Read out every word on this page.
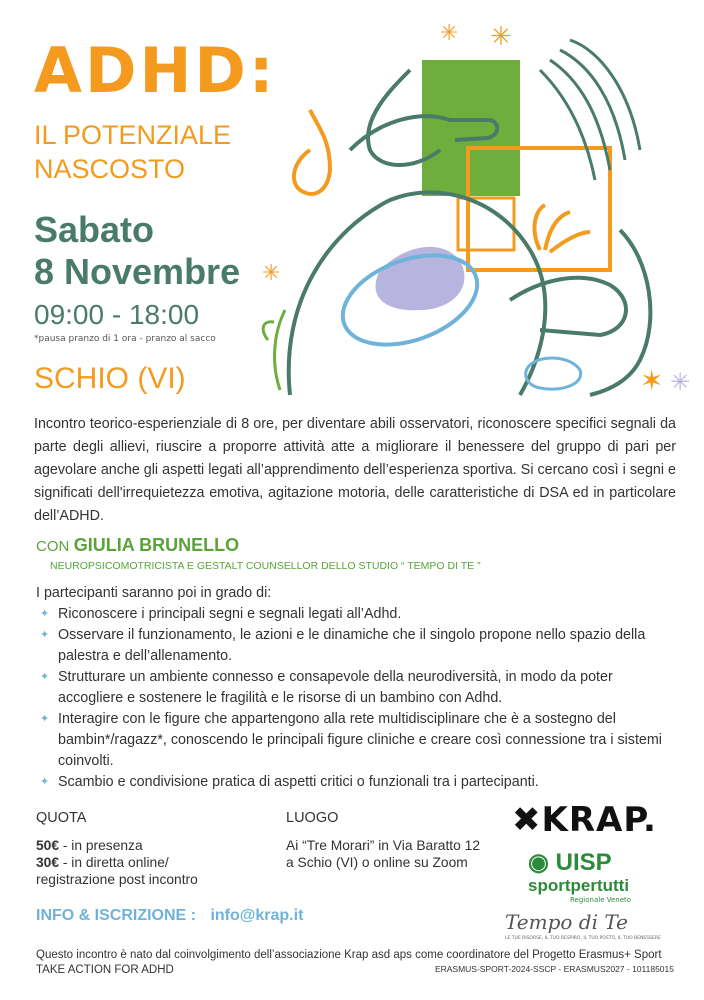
✳ ✳
✳
✳
✶
ADHD:
IL POTENZIALE
NASCOSTO
Sabato
8 Novembre
09:00 - 18:00
*pausa pranzo di 1 ora - pranzo al sacco
SCHIO (VI)
Incontro teorico-esperienziale di 8 ore, per diventare abili osservatori, riconoscere specifici segnali da parte degli allievi, riuscire a proporre attività atte a migliorare il benessere del gruppo di pari per agevolare anche gli aspetti legati all’apprendimento dell’esperienza sportiva. Si cercano così i segni e significati dell'irrequietezza emotiva, agitazione motoria, delle caratteristiche di DSA ed in particolare dell’ADHD.
CON GIULIA BRUNELLO
NEUROPSICOMOTRICISTA E GESTALT COUNSELLOR DELLO STUDIO “ TEMPO DI TE ”
I partecipanti saranno poi in grado di:
✦ Riconoscere i principali segni e segnali legati all’Adhd.
✦ Osservare il funzionamento, le azioni e le dinamiche che il singolo propone nello spazio della palestra e dell’allenamento.
✦ Strutturare un ambiente connesso e consapevole della neurodiversità, in modo da poter accogliere e sostenere le fragilità e le risorse di un bambino con Adhd.
✦ Interagire con le figure che appartengono alla rete multidisciplinare che è a sostegno del bambin*/ragazz*, conoscendo le principali figure cliniche e creare così connessione tra i sistemi coinvolti.
✦ Scambio e condivisione pratica di aspetti critici o funzionali tra i partecipanti.
QUOTA	LUOGO
50€ - in presenza
30€ - in diretta online/
registrazione post incontro
Ai “Tre Morari” in Via Baratto 12 a Schio (VI) o online su Zoom
INFO & ISCRIZIONE : info@krap.it
✖KRAP.
◉ UISP
sportpertutti
Regionale Veneto
Tempo di Te
LE TUE RISORSE, IL TUO RESPIRO, IL TUO POSTO, IL TUO BENESSERE
Questo incontro è nato dal coinvolgimento dell’associazione Krap asd aps come coordinatore del Progetto Erasmus+ Sport TAKE ACTION FOR ADHD	ERASMUS-SPORT-2024-SSCP - ERASMUS2027 - 101185015
